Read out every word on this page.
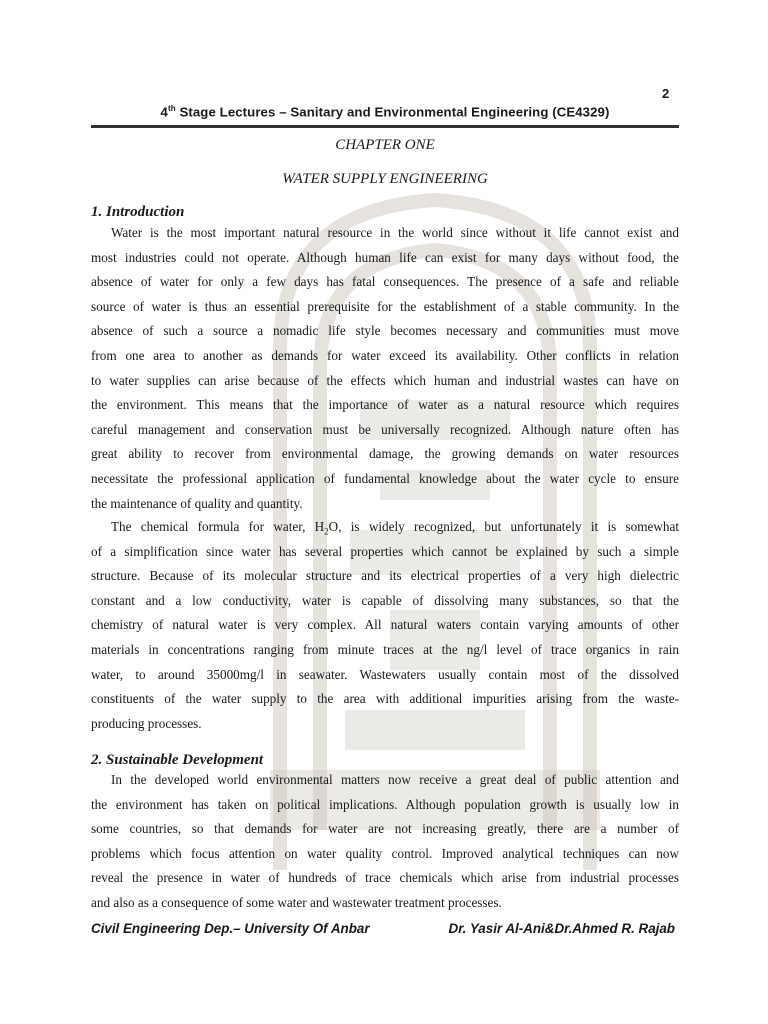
2
4th Stage Lectures – Sanitary and Environmental Engineering (CE4329)
CHAPTER ONE
WATER SUPPLY ENGINEERING
1. Introduction
Water is the most important natural resource in the world since without it life cannot exist and
most industries could not operate. Although human life can exist for many days without food, the
absence of water for only a few days has fatal consequences. The presence of a safe and reliable
source of water is thus an essential prerequisite for the establishment of a stable community. In the
absence of such a source a nomadic life style becomes necessary and communities must move
from one area to another as demands for water exceed its availability. Other conflicts in relation
to water supplies can arise because of the effects which human and industrial wastes can have on
the environment. This means that the importance of water as a natural resource which requires
careful management and conservation must be universally recognized. Although nature often has
great ability to recover from environmental damage, the growing demands on water resources
necessitate the professional application of fundamental knowledge about the water cycle to ensure
the maintenance of quality and quantity.
The chemical formula for water, $H_2O$, is widely recognized, but unfortunately it is somewhat
of a simplification since water has several properties which cannot be explained by such a simple
structure. Because of its molecular structure and its electrical properties of a very high dielectric
constant and a low conductivity, water is capable of dissolving many substances, so that the
chemistry of natural water is very complex. All natural waters contain varying amounts of other
materials in concentrations ranging from minute traces at the ng/l level of trace organics in rain
water, to around 35000mg/l in seawater. Wastewaters usually contain most of the dissolved
constituents of the water supply to the area with additional impurities arising from the waste-
producing processes.
2. Sustainable Development
In the developed world environmental matters now receive a great deal of public attention and
the environment has taken on political implications. Although population growth is usually low in
some countries, so that demands for water are not increasing greatly, there are a number of
problems which focus attention on water quality control. Improved analytical techniques can now
reveal the presence in water of hundreds of trace chemicals which arise from industrial processes
and also as a consequence of some water and wastewater treatment processes.
Civil Engineering Dep.– University Of Anbar	Dr. Yasir Al-Ani&Dr.Ahmed R. Rajab
